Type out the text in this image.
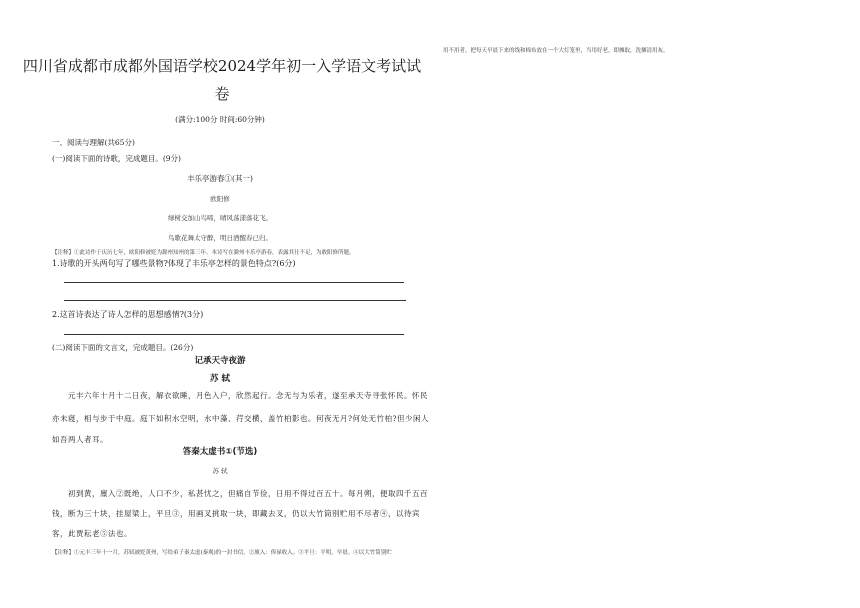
用不用者，把每天早晨下来的线和棉布放在一个大灯笼里，当用好老，即摊取，洗捆清用灰。
四川省成都市成都外国语学校2024学年初一入学语文考试试卷
(满分:100分 时间:60分钟)
一、阅读与理解(共65分)
(一)阅读下面的诗歌，完成题目。(9分)
丰乐亭游春①(其一)
欧阳修
绿树交加山鸟啼，晴风荡漾落花飞。
鸟歌花舞太守醉，明日酒醒春已归。
【注释】①此诗作于庆历七年，欧阳修被贬为滁州知州的第三年。本诗写在滁州丰乐亭游春，表露其仕不足，为敢阳修所题。
1.诗歌的开头两句写了哪些景物?体现了丰乐亭怎样的景色特点?(6分)
2.这首诗表达了诗人怎样的思想感情?(3分)
(二)阅读下面的文言文，完成题目。(26分)
记承天寺夜游
苏 轼
元丰六年十月十二日夜，解衣欲睡，月色入户，欣然起行。念无与为乐者，遂至承天寺寻张怀民。怀民
亦未寝，相与步于中庭。庭下如积水空明，水中藻、荇交横，盖竹柏影也。何夜无月?何处无竹柏?但少闲人
如吾两人者耳。
答秦太虚书①(节选)
苏 轼
初到黄，廪入②既绝，人口不少，私甚忧之，但痛自节俭，日用不得过百五十。每月朔，便取四千五百
钱，断为三十块，挂屋梁上，平旦③，用画叉挑取一块，即藏去叉，仍以大竹筒别贮用不尽者④，以待宾
客，此贾耘老⑤法也。
【注释】①元丰三年十一月，苏轼被贬黄州，写给弟子秦太虚(秦观)的一封书信。②廪入：俸禄收入。③平旦：平明，早晨。④以大竹筒别贮
